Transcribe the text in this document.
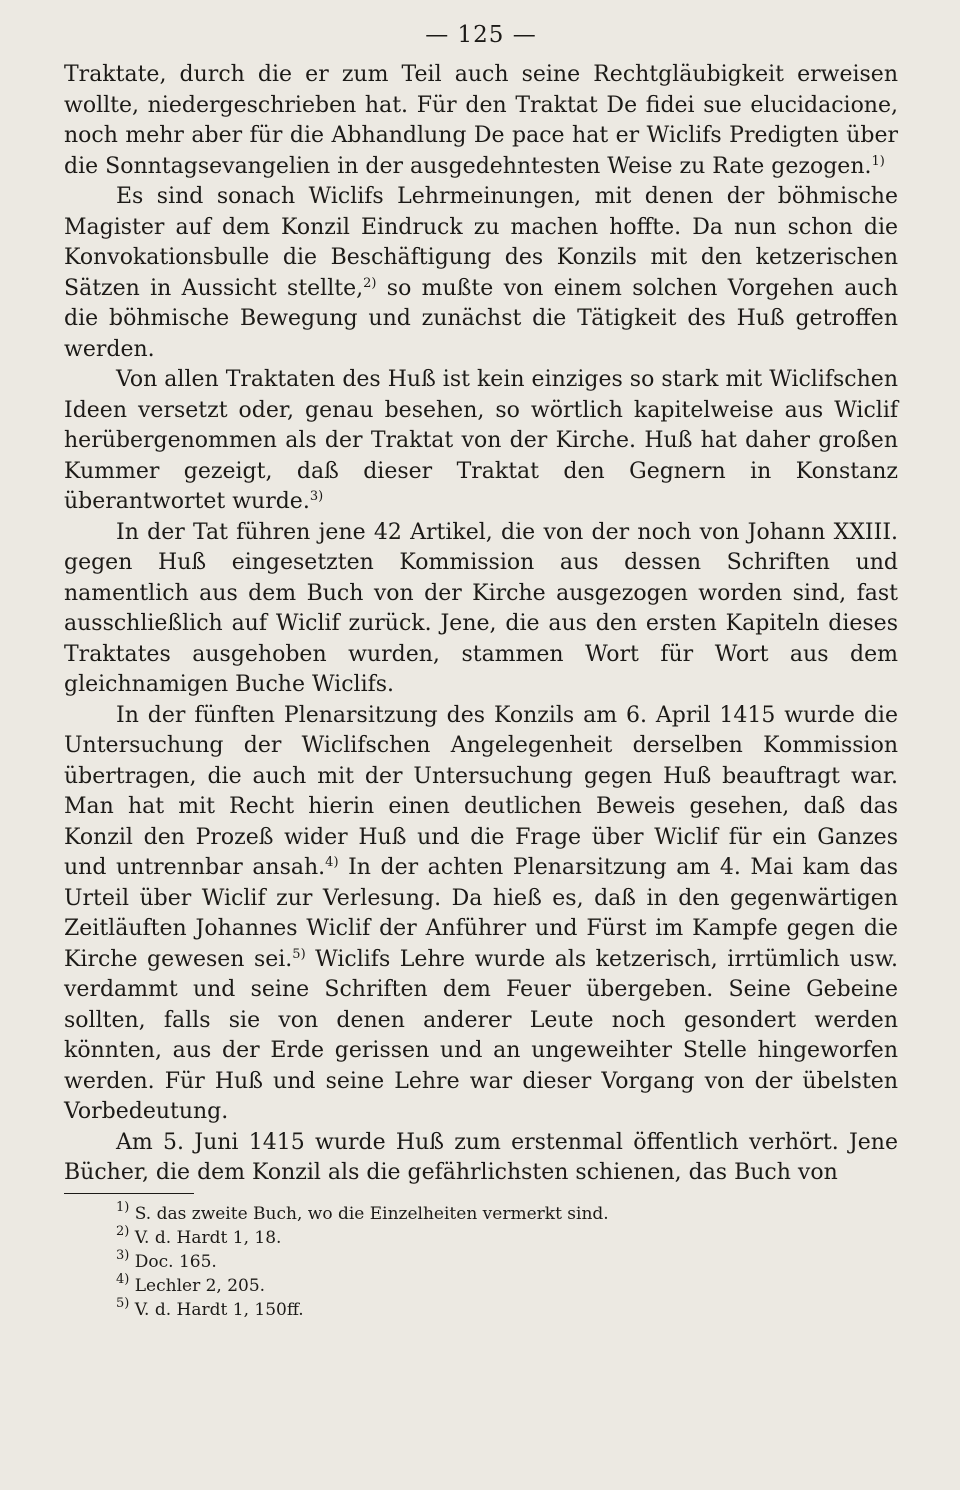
— 125 —

Traktate, durch die er zum Teil auch seine Rechtgläubigkeit erweisen wollte, niedergeschrieben hat. Für den Traktat De fidei sue elucidacione, noch mehr aber für die Abhandlung De pace hat er Wiclifs Predigten über die Sonntagsevangelien in der ausgedehntesten Weise zu Rate gezogen.$^{1)}$

Es sind sonach Wiclifs Lehrmeinungen, mit denen der böhmische Magister auf dem Konzil Eindruck zu machen hoffte. Da nun schon die Konvokationsbulle die Beschäftigung des Konzils mit den ketzerischen Sätzen in Aussicht stellte,$^{2)}$ so mußte von einem solchen Vorgehen auch die böhmische Bewegung und zunächst die Tätigkeit des Huß getroffen werden.

Von allen Traktaten des Huß ist kein einziges so stark mit Wiclifschen Ideen versetzt oder, genau besehen, so wörtlich kapitelweise aus Wiclif herübergenommen als der Traktat von der Kirche. Huß hat daher großen Kummer gezeigt, daß dieser Traktat den Gegnern in Konstanz überantwortet wurde.$^{3)}$

In der Tat führen jene 42 Artikel, die von der noch von Johann XXIII. gegen Huß eingesetzten Kommission aus dessen Schriften und namentlich aus dem Buch von der Kirche ausgezogen worden sind, fast ausschließlich auf Wiclif zurück. Jene, die aus den ersten Kapiteln dieses Traktates ausgehoben wurden, stammen Wort für Wort aus dem gleichnamigen Buche Wiclifs.

In der fünften Plenarsitzung des Konzils am 6. April 1415 wurde die Untersuchung der Wiclifschen Angelegenheit derselben Kommission übertragen, die auch mit der Untersuchung gegen Huß beauftragt war. Man hat mit Recht hierin einen deutlichen Beweis gesehen, daß das Konzil den Prozeß wider Huß und die Frage über Wiclif für ein Ganzes und untrennbar ansah.$^{4)}$ In der achten Plenarsitzung am 4. Mai kam das Urteil über Wiclif zur Verlesung. Da hieß es, daß in den gegenwärtigen Zeitläuften Johannes Wiclif der Anführer und Fürst im Kampfe gegen die Kirche gewesen sei.$^{5)}$ Wiclifs Lehre wurde als ketzerisch, irrtümlich usw. verdammt und seine Schriften dem Feuer übergeben. Seine Gebeine sollten, falls sie von denen anderer Leute noch gesondert werden könnten, aus der Erde gerissen und an ungeweihter Stelle hingeworfen werden. Für Huß und seine Lehre war dieser Vorgang von der übelsten Vorbedeutung.

Am 5. Juni 1415 wurde Huß zum erstenmal öffentlich verhört. Jene Bücher, die dem Konzil als die gefährlichsten schienen, das Buch von

$^{1)}$ S. das zweite Buch, wo die Einzelheiten vermerkt sind.

$^{2)}$ V. d. Hardt 1, 18.

$^{3)}$ Doc. 165.

$^{4)}$ Lechler 2, 205.

$^{5)}$ V. d. Hardt 1, 150ff.
